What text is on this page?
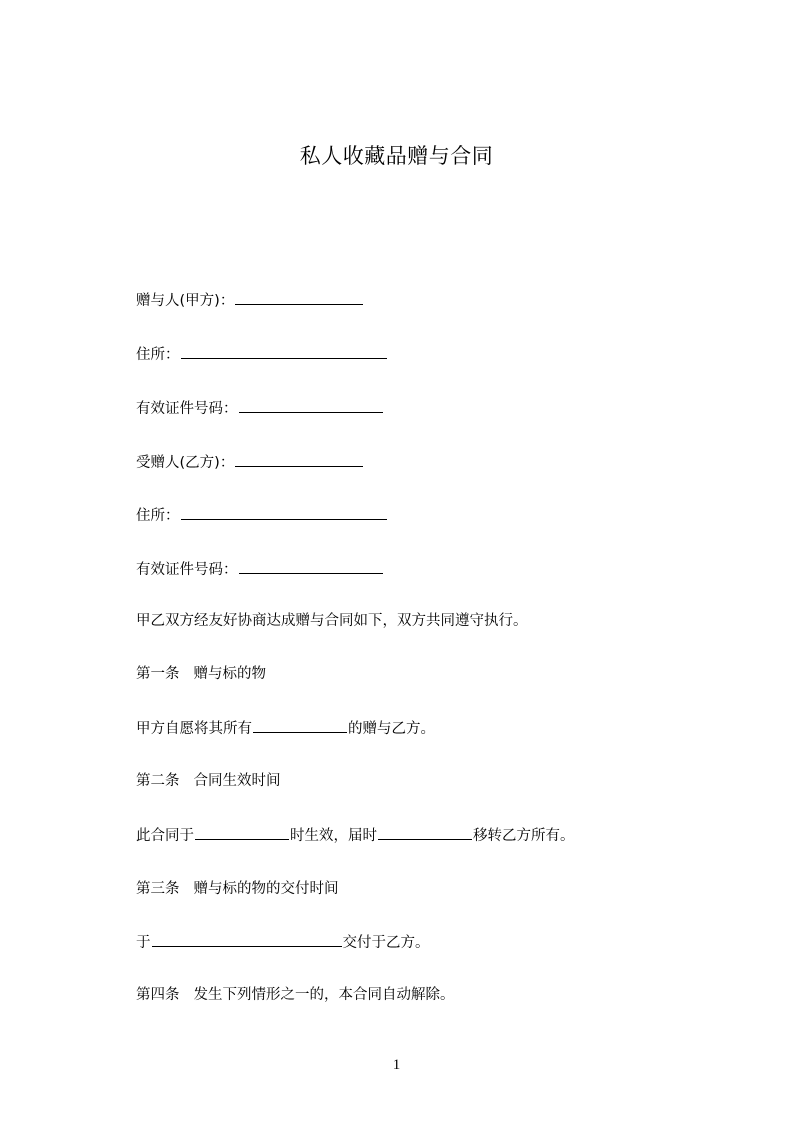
私人收藏品赠与合同
赠与人(甲方)：
住所：
有效证件号码：
受赠人(乙方)：
住所：
有效证件号码：
甲乙双方经友好协商达成赠与合同如下，双方共同遵守执行。
第一条 赠与标的物
甲方自愿将其所有	的赠与乙方。
第二条 合同生效时间
此合同于	时生效，届时	移转乙方所有。
第三条 赠与标的物的交付时间
于	交付于乙方。
第四条 发生下列情形之一的，本合同自动解除。
1
